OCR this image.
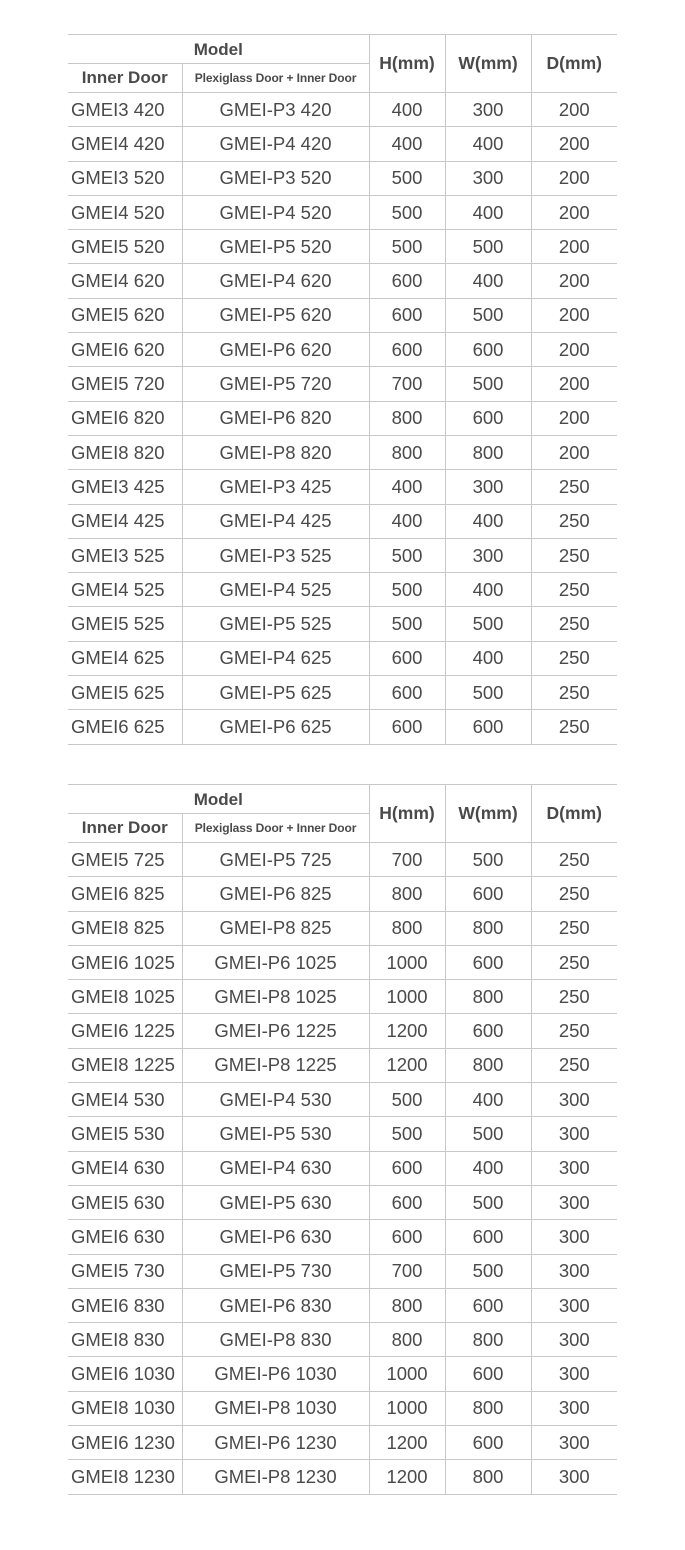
Model		H(mm)	W(mm)	D(mm)
Inner Door	Plexiglass Door + Inner Door			
GMEI3 420	GMEI-P3 420	400	300	200
GMEI4 420	GMEI-P4 420	400	400	200
GMEI3 520	GMEI-P3 520	500	300	200
GMEI4 520	GMEI-P4 520	500	400	200
GMEI5 520	GMEI-P5 520	500	500	200
GMEI4 620	GMEI-P4 620	600	400	200
GMEI5 620	GMEI-P5 620	600	500	200
GMEI6 620	GMEI-P6 620	600	600	200
GMEI5 720	GMEI-P5 720	700	500	200
GMEI6 820	GMEI-P6 820	800	600	200
GMEI8 820	GMEI-P8 820	800	800	200
GMEI3 425	GMEI-P3 425	400	300	250
GMEI4 425	GMEI-P4 425	400	400	250
GMEI3 525	GMEI-P3 525	500	300	250
GMEI4 525	GMEI-P4 525	500	400	250
GMEI5 525	GMEI-P5 525	500	500	250
GMEI4 625	GMEI-P4 625	600	400	250
GMEI5 625	GMEI-P5 625	600	500	250
GMEI6 625	GMEI-P6 625	600	600	250
Model		H(mm)	W(mm)	D(mm)
Inner Door	Plexiglass Door + Inner Door			
GMEI5 725	GMEI-P5 725	700	500	250
GMEI6 825	GMEI-P6 825	800	600	250
GMEI8 825	GMEI-P8 825	800	800	250
GMEI6 1025	GMEI-P6 1025	1000	600	250
GMEI8 1025	GMEI-P8 1025	1000	800	250
GMEI6 1225	GMEI-P6 1225	1200	600	250
GMEI8 1225	GMEI-P8 1225	1200	800	250
GMEI4 530	GMEI-P4 530	500	400	300
GMEI5 530	GMEI-P5 530	500	500	300
GMEI4 630	GMEI-P4 630	600	400	300
GMEI5 630	GMEI-P5 630	600	500	300
GMEI6 630	GMEI-P6 630	600	600	300
GMEI5 730	GMEI-P5 730	700	500	300
GMEI6 830	GMEI-P6 830	800	600	300
GMEI8 830	GMEI-P8 830	800	800	300
GMEI6 1030	GMEI-P6 1030	1000	600	300
GMEI8 1030	GMEI-P8 1030	1000	800	300
GMEI6 1230	GMEI-P6 1230	1200	600	300
GMEI8 1230	GMEI-P8 1230	1200	800	300
